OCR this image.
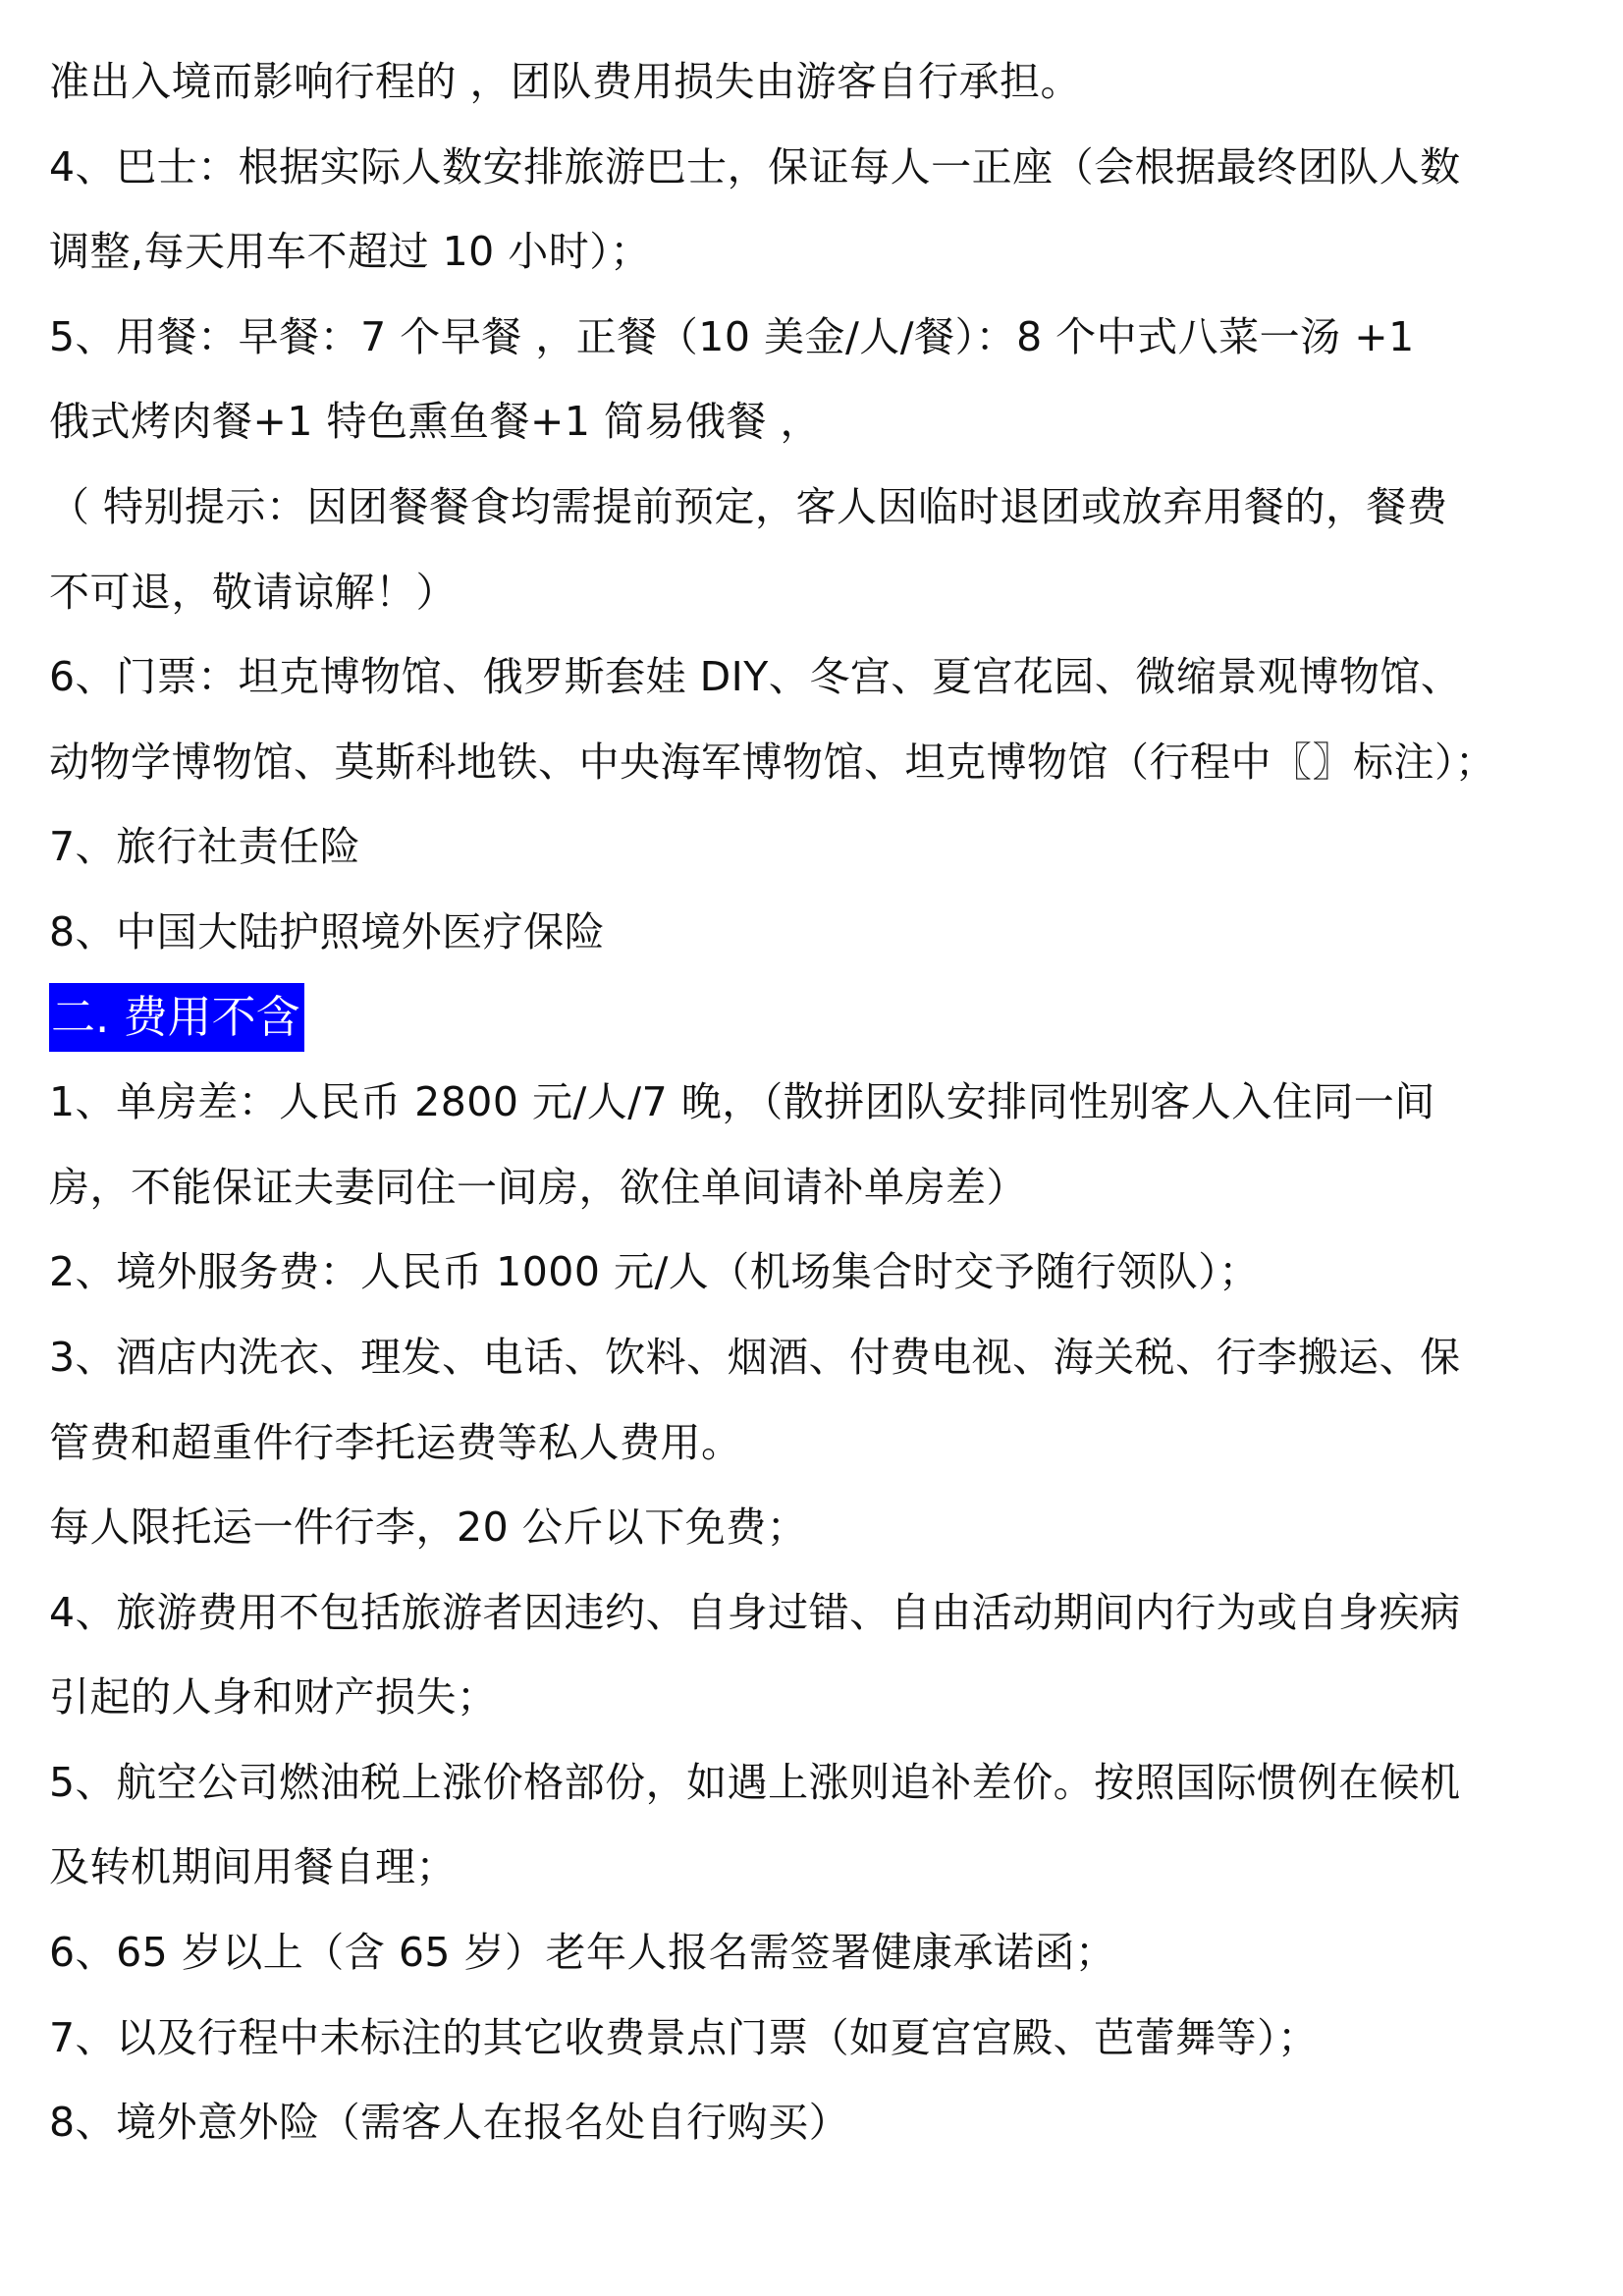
准出入境而影响行程的 ，团队费用损失由游客自行承担。
4、巴士：根据实际人数安排旅游巴士，保证每人一正座（会根据最终团队人数
调整,每天用车不超过 10 小时）；
5、用餐：早餐：7 个早餐 ，正餐（10 美金/人/餐）：8 个中式八菜一汤 +1
俄式烤肉餐+1 特色熏鱼餐+1 简易俄餐 ，
（ 特别提示：因团餐餐食均需提前预定，客人因临时退团或放弃用餐的，餐费
不可退，敬请谅解！）
6、门票：坦克博物馆、俄罗斯套娃 DIY、冬宫、夏宫花园、微缩景观博物馆、
动物学博物馆、莫斯科地铁、中央海军博物馆、坦克博物馆（行程中〖〗标注）；
7、旅行社责任险
8、中国大陆护照境外医疗保险
二. 费用不含
1、单房差：人民币 2800 元/人/7 晚，（散拼团队安排同性别客人入住同一间
房，不能保证夫妻同住一间房，欲住单间请补单房差）
2、境外服务费：人民币 1000 元/人（机场集合时交予随行领队）；
3、酒店内洗衣、理发、电话、饮料、烟酒、付费电视、海关税、行李搬运、保
管费和超重件行李托运费等私人费用。
每人限托运一件行李，20 公斤以下免费；
4、旅游费用不包括旅游者因违约、自身过错、自由活动期间内行为或自身疾病
引起的人身和财产损失；
5、航空公司燃油税上涨价格部份，如遇上涨则追补差价。按照国际惯例在候机
及转机期间用餐自理；
6、65 岁以上（含 65 岁）老年人报名需签署健康承诺函；
7、以及行程中未标注的其它收费景点门票（如夏宫宫殿、芭蕾舞等）；
8、境外意外险（需客人在报名处自行购买）
